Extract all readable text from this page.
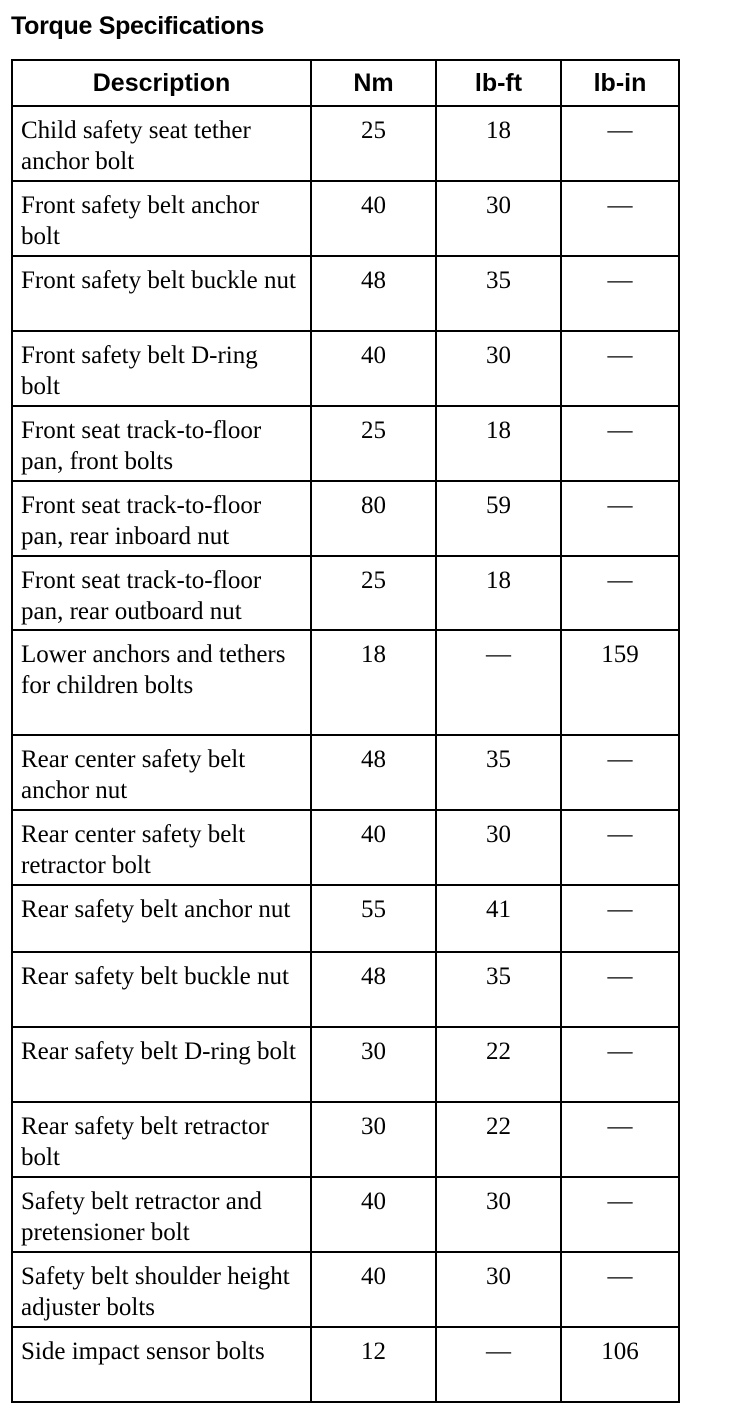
Torque Specifications
Description	Nm	lb-ft	lb-in
Child safety seat tether anchor bolt	25	18	—
Front safety belt anchor bolt	40	30	—
Front safety belt buckle nut	48	35	—
Front safety belt D-ring bolt	40	30	—
Front seat track-to-floor pan, front bolts	25	18	—
Front seat track-to-floor pan, rear inboard nut	80	59	—
Front seat track-to-floor pan, rear outboard nut	25	18	—
Lower anchors and tethers for children bolts	18	—	159
Rear center safety belt anchor nut	48	35	—
Rear center safety belt retractor bolt	40	30	—
Rear safety belt anchor nut	55	41	—
Rear safety belt buckle nut	48	35	—
Rear safety belt D-ring bolt	30	22	—
Rear safety belt retractor bolt	30	22	—
Safety belt retractor and pretensioner bolt	40	30	—
Safety belt shoulder height adjuster bolts	40	30	—
Side impact sensor bolts	12	—	106
